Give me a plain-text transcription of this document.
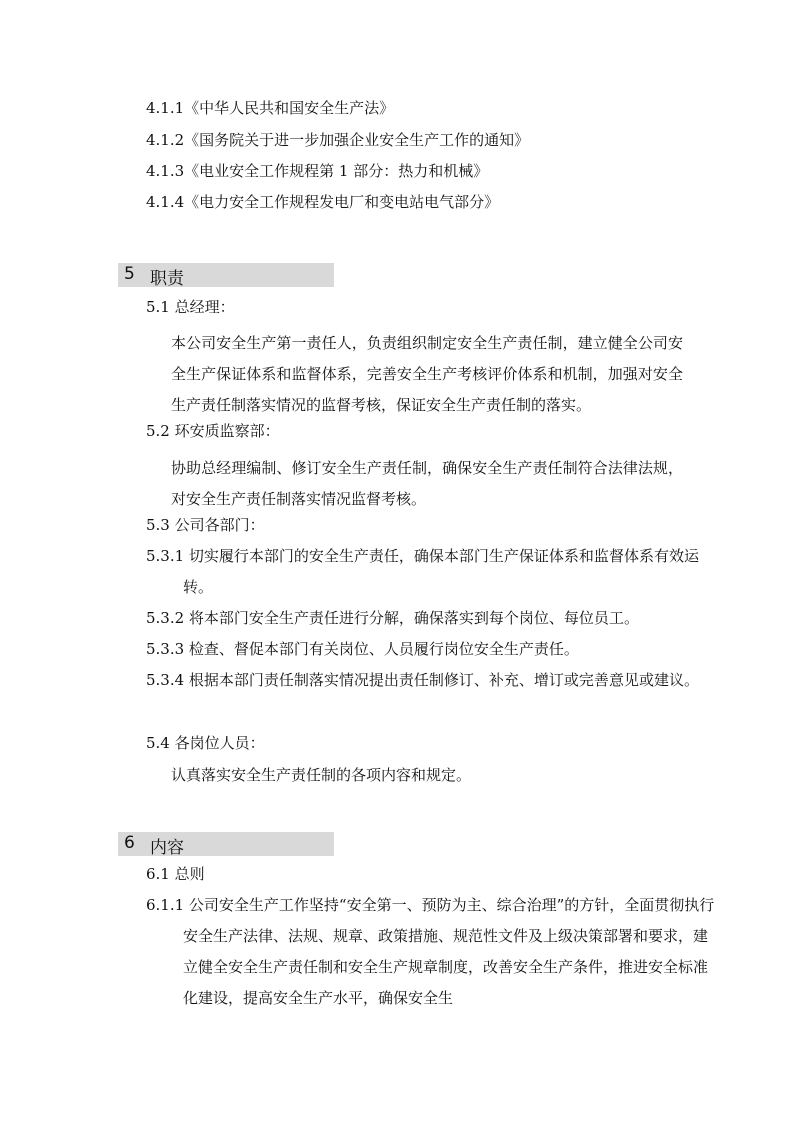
4.1.1《中华人民共和国安全生产法》
4.1.2《国务院关于进一步加强企业安全生产工作的通知》
4.1.3《电业安全工作规程第 1 部分：热力和机械》
4.1.4《电力安全工作规程发电厂和变电站电气部分》
5 职责
5.1 总经理：
本公司安全生产第一责任人，负责组织制定安全生产责任制，建立健全公司安全生产保证体系和监督体系，完善安全生产考核评价体系和机制，加强对安全生产责任制落实情况的监督考核，保证安全生产责任制的落实。
5.2 环安质监察部：
协助总经理编制、修订安全生产责任制，确保安全生产责任制符合法律法规，对安全生产责任制落实情况监督考核。
5.3 公司各部门：
5.3.1 切实履行本部门的安全生产责任，确保本部门生产保证体系和监督体系有效运转。
5.3.2 将本部门安全生产责任进行分解，确保落实到每个岗位、每位员工。
5.3.3 检查、督促本部门有关岗位、人员履行岗位安全生产责任。
5.3.4 根据本部门责任制落实情况提出责任制修订、补充、增订或完善意见或建议。
5.4 各岗位人员：
认真落实安全生产责任制的各项内容和规定。
6 内容
6.1 总则
6.1.1 公司安全生产工作坚持“安全第一、预防为主、综合治理”的方针，全面贯彻执行安全生产法律、法规、规章、政策措施、规范性文件及上级决策部署和要求，建立健全安全生产责任制和安全生产规章制度，改善安全生产条件，推进安全标准化建设，提高安全生产水平，确保安全生
